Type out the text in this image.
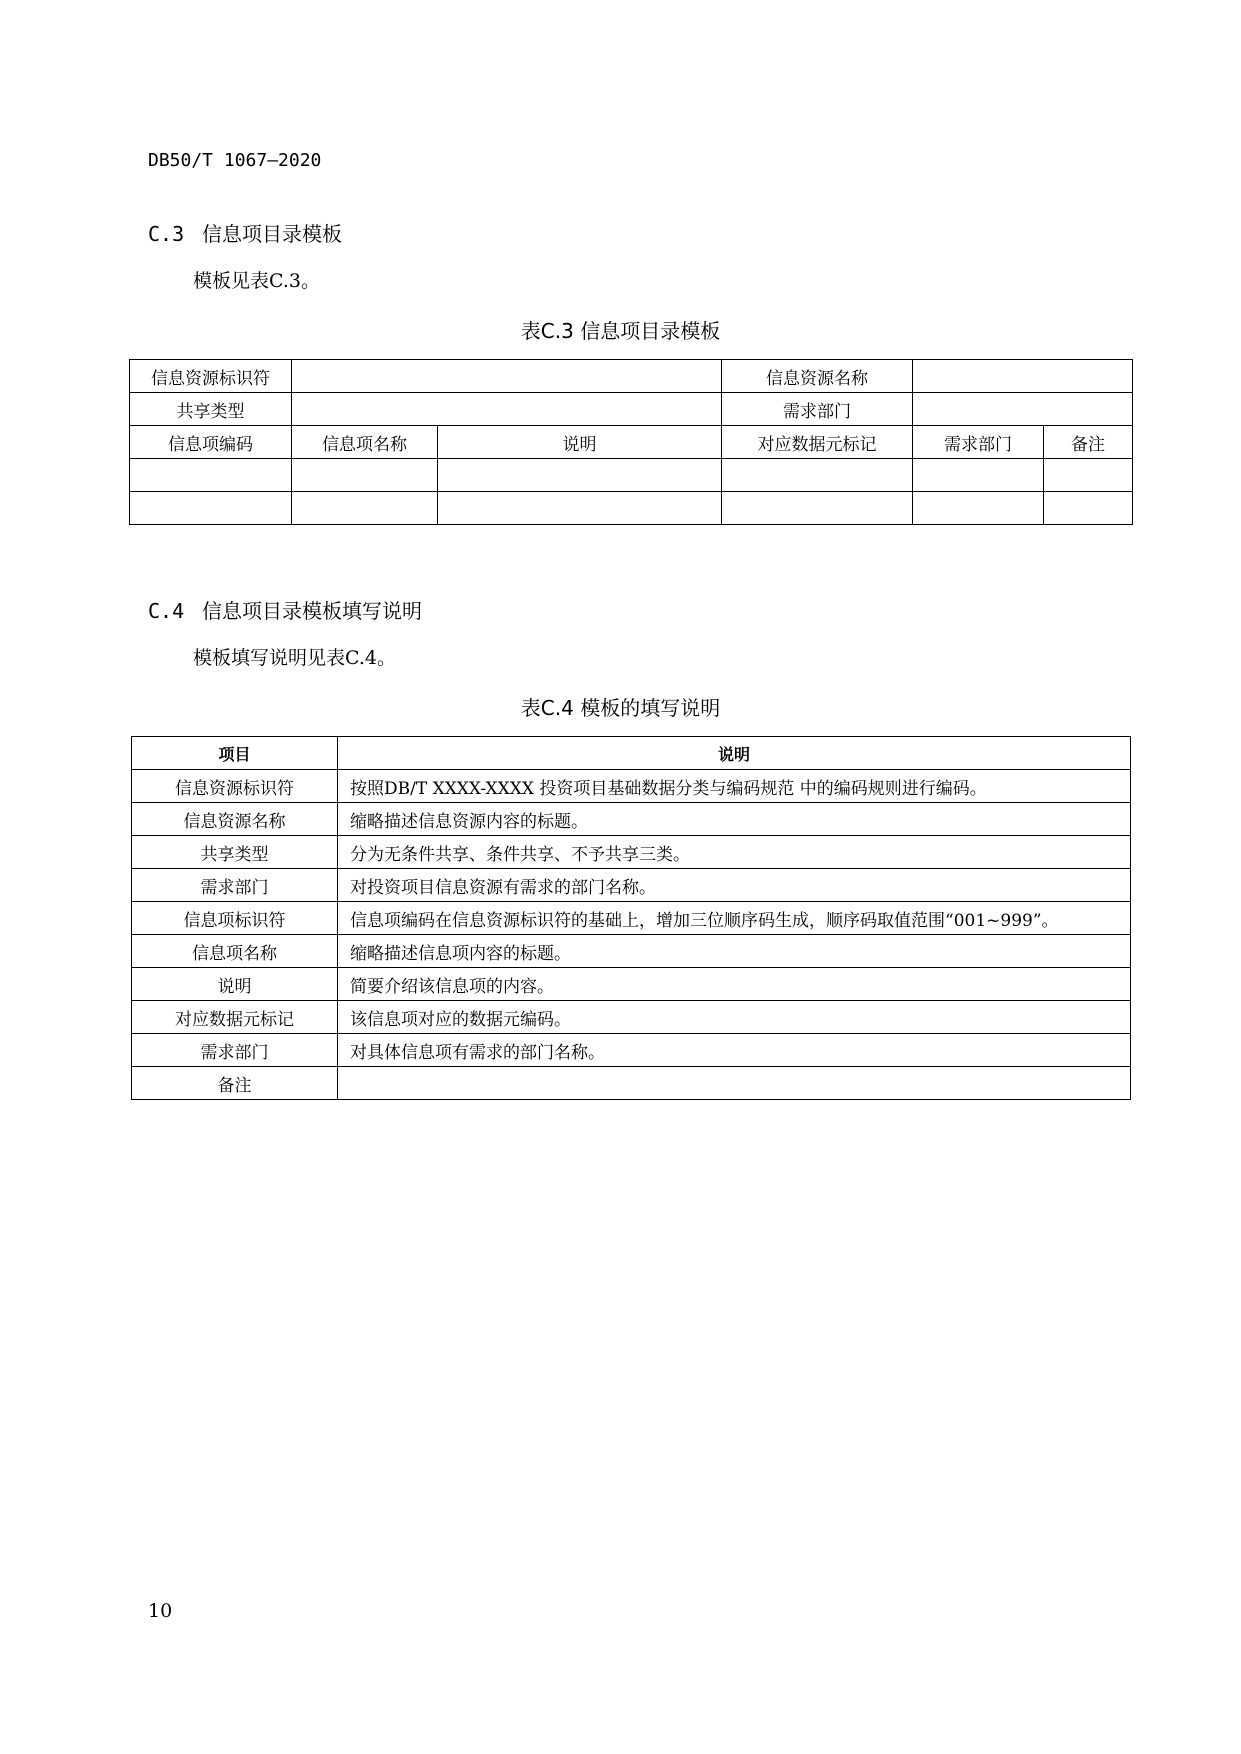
DB50/T 1067—2020
C.3 信息项目录模板
模板见表C.3。
表C.3 信息项目录模板
信息资源标识符			信息资源名称		
共享类型			需求部门		
信息项编码	信息项名称	说明	对应数据元标记	需求部门	备注

C.4 信息项目录模板填写说明
模板填写说明见表C.4。
表C.4 模板的填写说明
项目	说明
信息资源标识符	按照DB/T XXXX-XXXX 投资项目基础数据分类与编码规范 中的编码规则进行编码。
信息资源名称	缩略描述信息资源内容的标题。
共享类型	分为无条件共享、条件共享、不予共享三类。
需求部门	对投资项目信息资源有需求的部门名称。
信息项标识符	信息项编码在信息资源标识符的基础上，增加三位顺序码生成，顺序码取值范围“001~999”。
信息项名称	缩略描述信息项内容的标题。
说明	简要介绍该信息项的内容。
对应数据元标记	该信息项对应的数据元编码。
需求部门	对具体信息项有需求的部门名称。
备注	
10
